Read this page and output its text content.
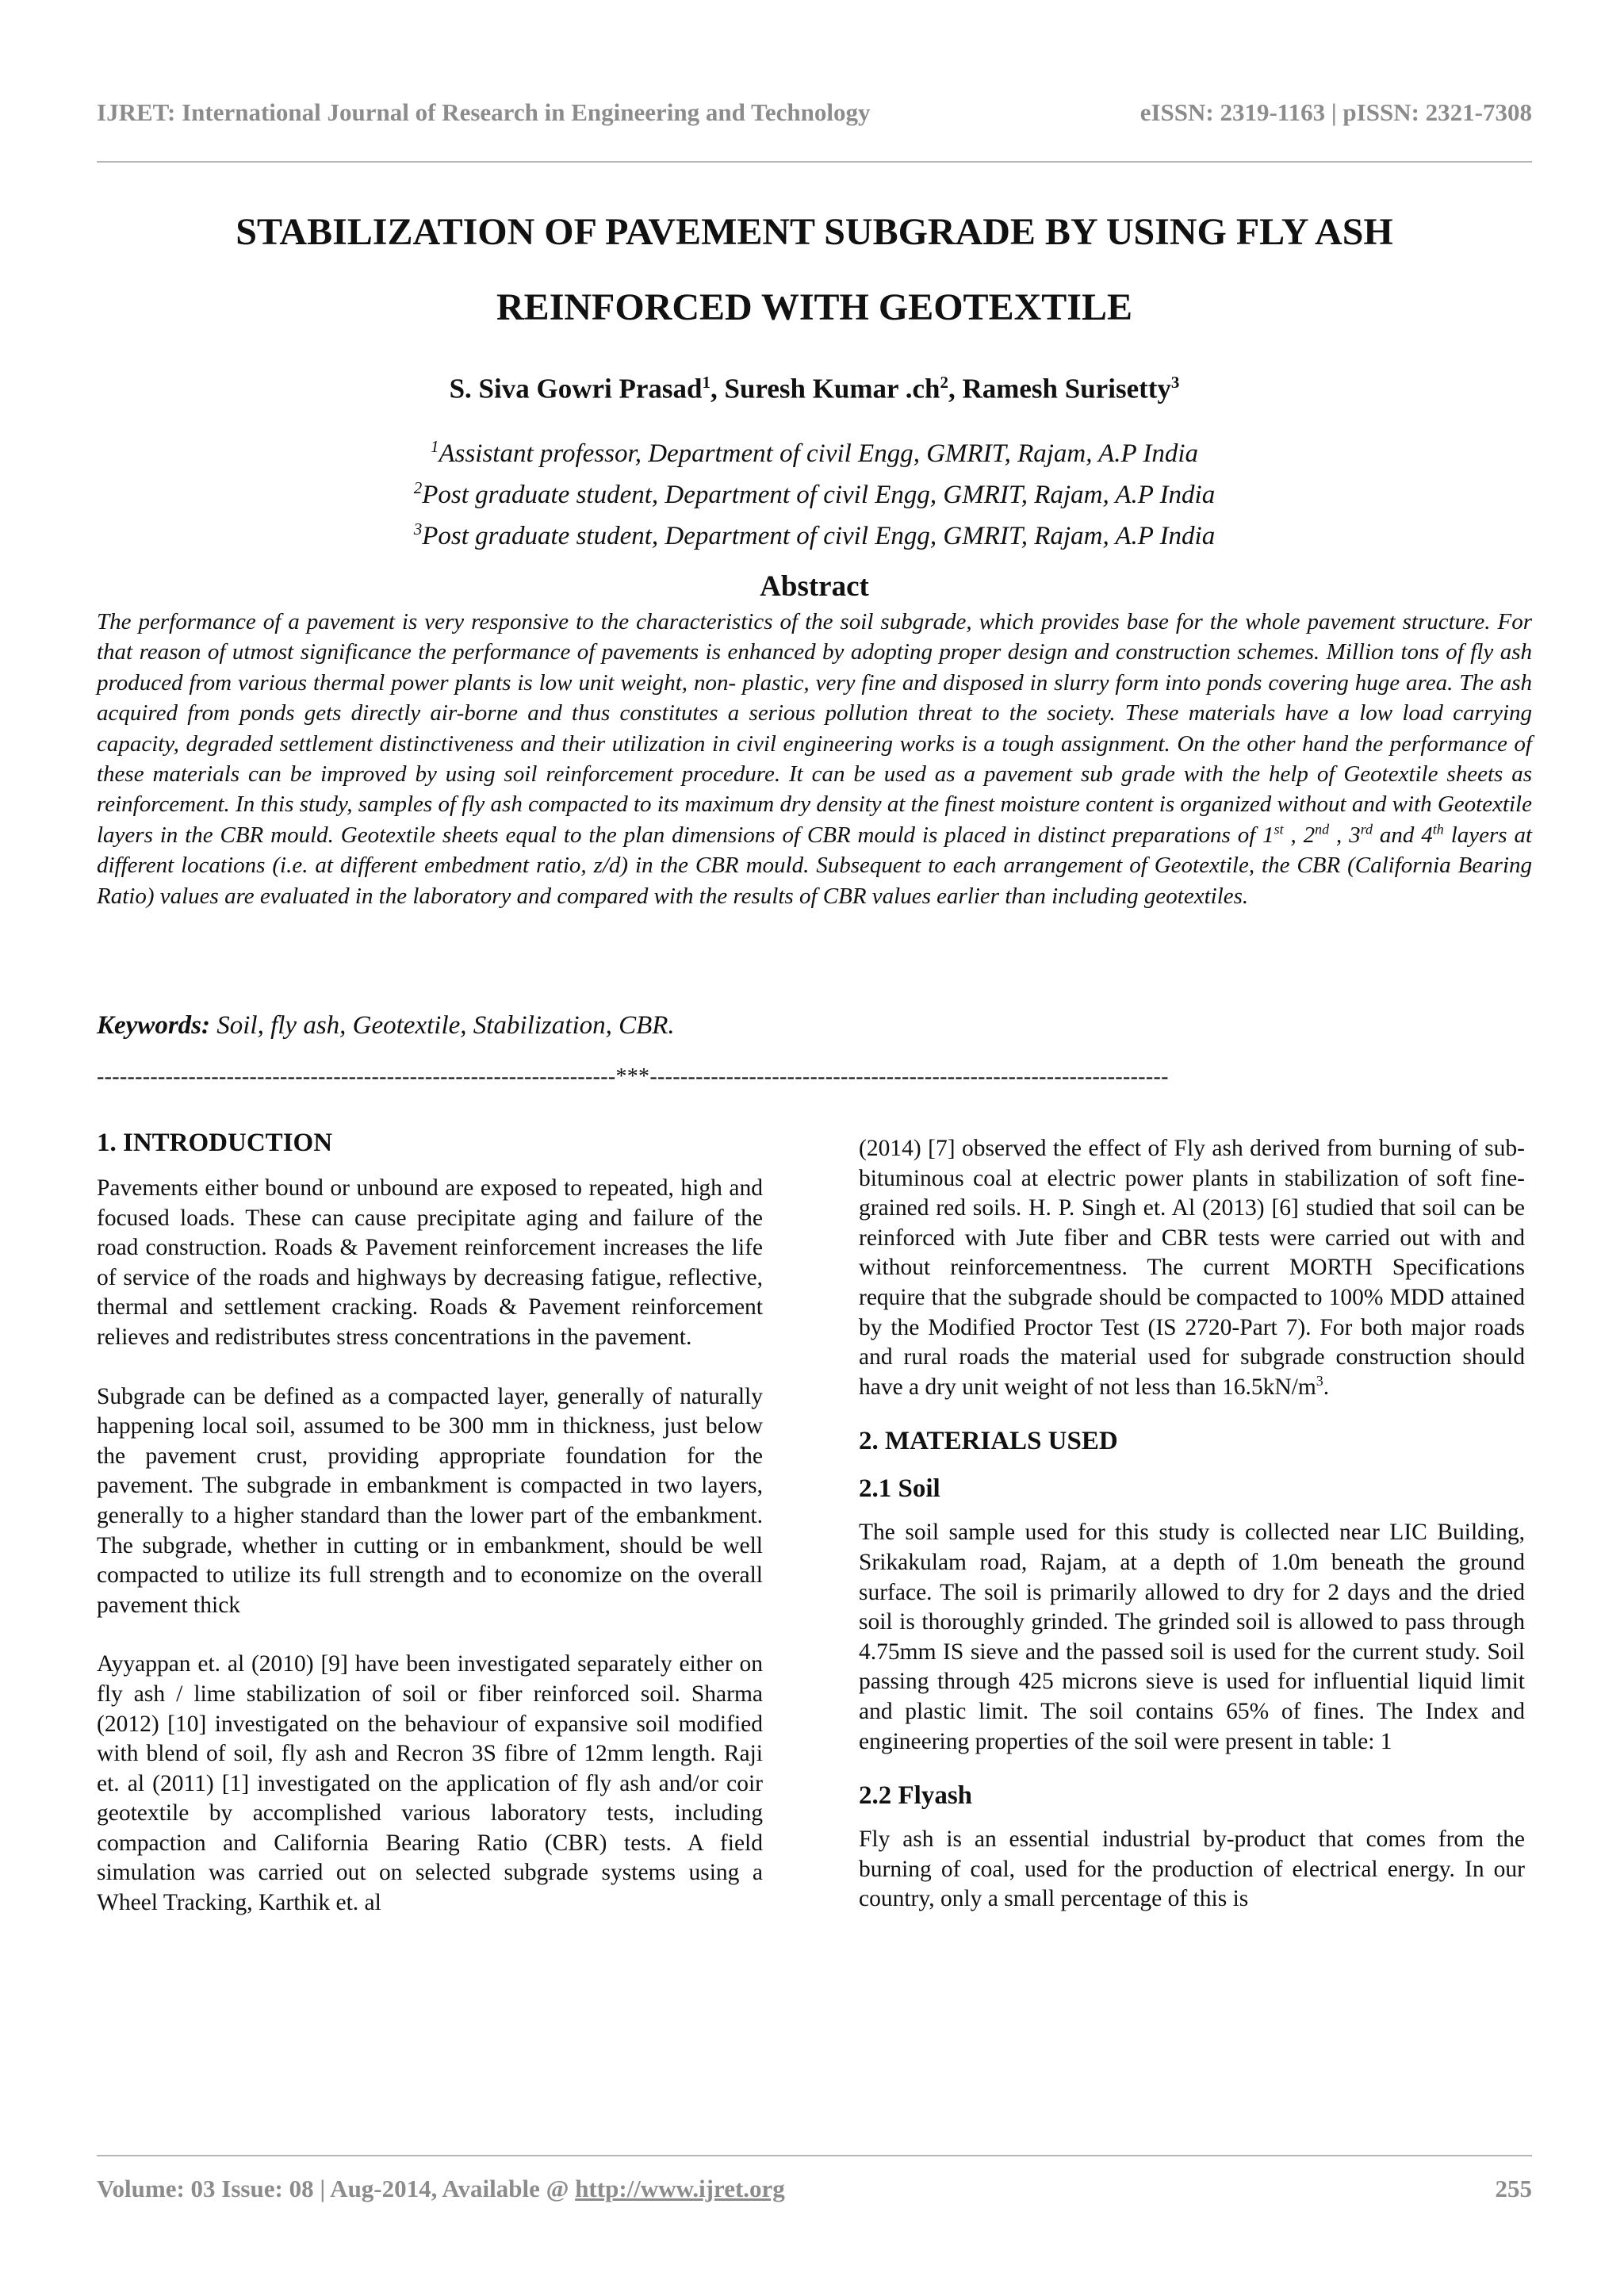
IJRET: International Journal of Research in Engineering and Technology	eISSN: 2319-1163 | pISSN: 2321-7308
STABILIZATION OF PAVEMENT SUBGRADE BY USING FLY ASH
REINFORCED WITH GEOTEXTILE
S. Siva Gowri Prasad$^1$, Suresh Kumar $.ch^2$, Ramesh Surisetty$^3$
$^1$Assistant professor, Department of civil Engg, GMRIT, Rajam, A.P India
$^2$Post graduate student, Department of civil Engg, GMRIT, Rajam, A.P India
$^3$Post graduate student, Department of civil Engg, GMRIT, Rajam, A.P India
Abstract
The performance of a pavement is very responsive to the characteristics of the soil subgrade, which provides base for the whole pavement structure. For that reason of utmost significance the performance of pavements is enhanced by adopting proper design and construction schemes. Million tons of fly ash produced from various thermal power plants is low unit weight, non- plastic, very fine and disposed in slurry form into ponds covering huge area. The ash acquired from ponds gets directly air-borne and thus constitutes a serious pollution threat to the society. These materials have a low load carrying capacity, degraded settlement distinctiveness and their utilization in civil engineering works is a tough assignment. On the other hand the performance of these materials can be improved by using soil reinforcement procedure. It can be used as a pavement sub grade with the help of Geotextile sheets as reinforcement. In this study, samples of fly ash compacted to its maximum dry density at the finest moisture content is organized without and with Geotextile layers in the CBR mould. Geotextile sheets equal to the plan dimensions of CBR mould is placed in distinct preparations of 1st , 2nd , 3rd and 4th layers at different locations (i.e. at different embedment ratio, z/d) in the CBR mould. Subsequent to each arrangement of Geotextile, the CBR (California Bearing Ratio) values are evaluated in the laboratory and compared with the results of CBR values earlier than including geotextiles.
Keywords: Soil, fly ash, Geotextile, Stabilization, CBR.
--------------------------------------------------------------------***--------------------------------------------------------------------
1. INTRODUCTION

Pavements either bound or unbound are exposed to repeated, high and focused loads. These can cause precipitate aging and failure of the road construction. Roads & Pavement reinforcement increases the life of service of the roads and highways by decreasing fatigue, reflective, thermal and settlement cracking. Roads & Pavement reinforcement relieves and redistributes stress concentrations in the pavement.

Subgrade can be defined as a compacted layer, generally of naturally happening local soil, assumed to be 300 mm in thickness, just below the pavement crust, providing appropriate foundation for the pavement. The subgrade in embankment is compacted in two layers, generally to a higher standard than the lower part of the embankment. The subgrade, whether in cutting or in embankment, should be well compacted to utilize its full strength and to economize on the overall pavement thick

Ayyappan et. al (2010) [9] have been investigated separately either on fly ash / lime stabilization of soil or fiber reinforced soil. Sharma (2012) [10] investigated on the behaviour of expansive soil modified with blend of soil, fly ash and Recron 3S fibre of 12mm length. Raji et. al (2011) [1] investigated on the application of fly ash and/or coir geotextile by accomplished various laboratory tests, including compaction and California Bearing Ratio (CBR) tests. A field simulation was carried out on selected subgrade systems using a Wheel Tracking, Karthik et. al

(2014) [7] observed the effect of Fly ash derived from burning of sub-bituminous coal at electric power plants in stabilization of soft fine-grained red soils. H. P. Singh et. Al (2013) [6] studied that soil can be reinforced with Jute fiber and CBR tests were carried out with and without reinforcementness. The current MORTH Specifications require that the subgrade should be compacted to 100% MDD attained by the Modified Proctor Test (IS 2720-Part 7). For both major roads and rural roads the material used for subgrade construction should have a dry unit weight of not less than $16.5kN/m^3$.

2. MATERIALS USED
2.1 Soil

The soil sample used for this study is collected near LIC Building, Srikakulam road, Rajam, at a depth of 1.0m beneath the ground surface. The soil is primarily allowed to dry for 2 days and the dried soil is thoroughly grinded. The grinded soil is allowed to pass through 4.75mm IS sieve and the passed soil is used for the current study. Soil passing through 425 microns sieve is used for influential liquid limit and plastic limit. The soil contains 65% of fines. The Index and engineering properties of the soil were present in table: 1

2.2 Flyash

Fly ash is an essential industrial by-product that comes from the burning of coal, used for the production of electrical energy. In our country, only a small percentage of this is

Volume: 03 Issue: 08 | Aug-2014, Available @ http://www.ijret.org	255
